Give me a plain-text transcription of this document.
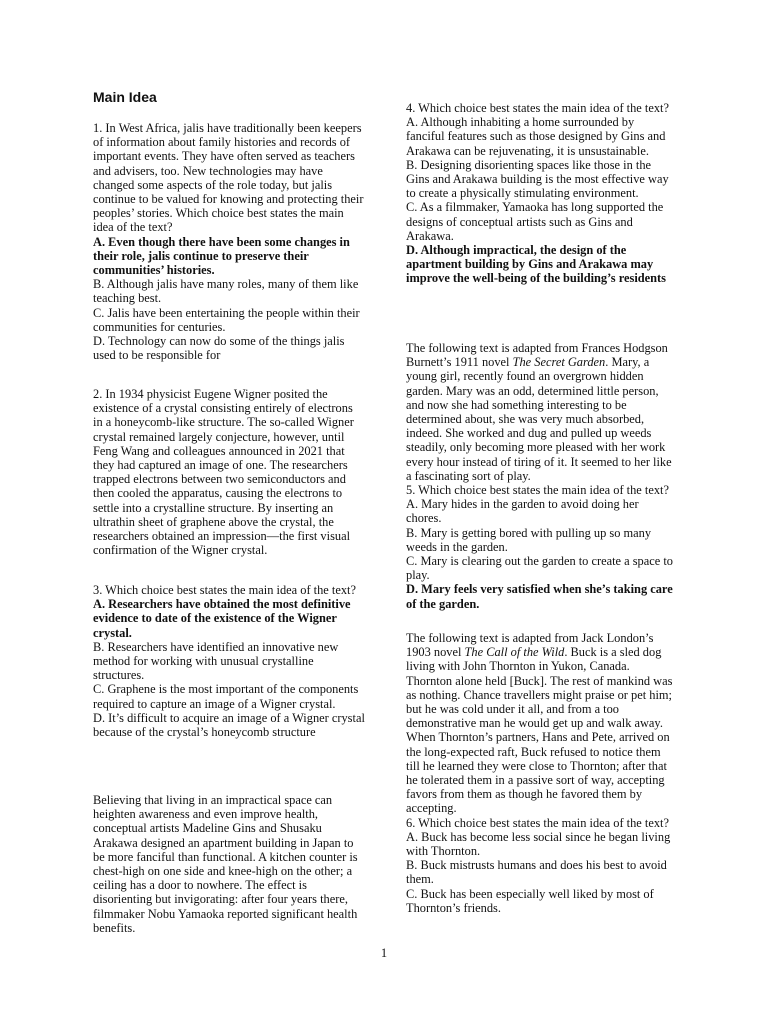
Main Idea

1. In West Africa, jalis have traditionally been keepers of information about family histories and records of important events. They have often served as teachers and advisers, too. New technologies may have changed some aspects of the role today, but jalis continue to be valued for knowing and protecting their peoples’ stories. Which choice best states the main idea of the text?

A. Even though there have been some changes in their role, jalis continue to preserve their communities’ histories.

B. Although jalis have many roles, many of them like teaching best.

C. Jalis have been entertaining the people within their communities for centuries.

D. Technology can now do some of the things jalis used to be responsible for

2. In 1934 physicist Eugene Wigner posited the existence of a crystal consisting entirely of electrons in a honeycomb-like structure. The so-called Wigner crystal remained largely conjecture, however, until Feng Wang and colleagues announced in 2021 that they had captured an image of one. The researchers trapped electrons between two semiconductors and then cooled the apparatus, causing the electrons to settle into a crystalline structure. By inserting an ultrathin sheet of graphene above the crystal, the researchers obtained an impression—the first visual confirmation of the Wigner crystal.

3. Which choice best states the main idea of the text?

A. Researchers have obtained the most definitive evidence to date of the existence of the Wigner crystal.

B. Researchers have identified an innovative new method for working with unusual crystalline structures.

C. Graphene is the most important of the components required to capture an image of a Wigner crystal.

D. It’s difficult to acquire an image of a Wigner crystal because of the crystal’s honeycomb structure

Believing that living in an impractical space can heighten awareness and even improve health, conceptual artists Madeline Gins and Shusaku Arakawa designed an apartment building in Japan to be more fanciful than functional. A kitchen counter is chest-high on one side and knee-high on the other; a ceiling has a door to nowhere. The effect is disorienting but invigorating: after four years there, filmmaker Nobu Yamaoka reported significant health benefits.

4. Which choice best states the main idea of the text?

A. Although inhabiting a home surrounded by fanciful features such as those designed by Gins and Arakawa can be rejuvenating, it is unsustainable.

B. Designing disorienting spaces like those in the Gins and Arakawa building is the most effective way to create a physically stimulating environment.

C. As a filmmaker, Yamaoka has long supported the designs of conceptual artists such as Gins and Arakawa.

D. Although impractical, the design of the apartment building by Gins and Arakawa may improve the well-being of the building’s residents

The following text is adapted from Frances Hodgson Burnett’s 1911 novel The Secret Garden. Mary, a young girl, recently found an overgrown hidden garden. Mary was an odd, determined little person, and now she had something interesting to be determined about, she was very much absorbed, indeed. She worked and dug and pulled up weeds steadily, only becoming more pleased with her work every hour instead of tiring of it. It seemed to her like a fascinating sort of play.

5. Which choice best states the main idea of the text?

A. Mary hides in the garden to avoid doing her chores.

B. Mary is getting bored with pulling up so many weeds in the garden.

C. Mary is clearing out the garden to create a space to play.

D. Mary feels very satisfied when she’s taking care of the garden.

The following text is adapted from Jack London’s 1903 novel The Call of the Wild. Buck is a sled dog living with John Thornton in Yukon, Canada. Thornton alone held [Buck]. The rest of mankind was as nothing. Chance travellers might praise or pet him; but he was cold under it all, and from a too demonstrative man he would get up and walk away. When Thornton’s partners, Hans and Pete, arrived on the long-expected raft, Buck refused to notice them till he learned they were close to Thornton; after that he tolerated them in a passive sort of way, accepting favors from them as though he favored them by accepting.

6. Which choice best states the main idea of the text?

A. Buck has become less social since he began living with Thornton.

B. Buck mistrusts humans and does his best to avoid them.

C. Buck has been especially well liked by most of Thornton’s friends.

1
